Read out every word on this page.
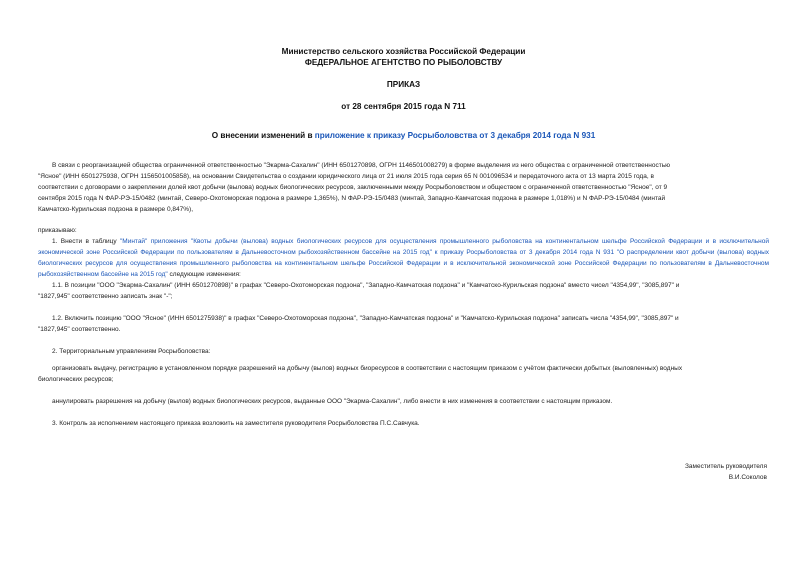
Министерство сельского хозяйства Российской Федерации
ФЕДЕРАЛЬНОЕ АГЕНТСТВО ПО РЫБОЛОВСТВУ
ПРИКАЗ
от 28 сентября 2015 года N 711
О внесении изменений в приложение к приказу Росрыболовства от 3 декабря 2014 года N 931
В связи с реорганизацией общества ограниченной ответственностью "Экарма-Сахалин" (ИНН 6501270898, ОГРН 1146501008279) в форме выделения из него общества с ограниченной ответственностью
"Ясное" (ИНН 6501275938, ОГРН 1156501005858), на основании Свидетельства о создании юридического лица от 21 июля 2015 года серия 65 N 001096534 и передаточного акта от 13 марта 2015 года, в
соответствии с договорами о закреплении долей квот добычи (вылова) водных биологических ресурсов, заключенными между Росрыболовством и обществом с ограниченной ответственностью "Ясное", от 9
сентября 2015 года N ФАР-РЭ-15/0482 (минтай, Северо-Охотоморская подзона в размере 1,365%), N ФАР-РЭ-15/0483 (минтай, Западно-Камчатская подзона в размере 1,018%) и N ФАР-РЭ-15/0484 (минтай
Камчатско-Курильская подзона в размере 0,847%),
приказываю:
1. Внести в таблицу "Минтай" приложения "Квоты добычи (вылова) водных биологических ресурсов для осуществления промышленного рыболовства на континентальном шельфе Российской Федерации и в исключительной экономической зоне Российской Федерации по пользователям в Дальневосточном рыбохозяйственном бассейне на 2015 год" к приказу Росрыболовства от 3 декабря 2014 года N 931 "О распределении квот добычи (вылова) водных биологических ресурсов для осуществления промышленного рыболовства на континентальном шельфе Российской Федерации и в исключительной экономической зоне Российской Федерации по пользователям в Дальневосточном рыбохозяйственном бассейне на 2015 год" следующие изменения:
1.1. В позиции "ООО "Экарма-Сахалин" (ИНН 6501270898)" в графах "Северо-Охотоморская подзона", "Западно-Камчатская подзона" и "Камчатско-Курильская подзона" вместо чисел "4354,99", "3085,897" и
"1827,945" соответственно записать знак "-";
1.2. Включить позицию "ООО "Ясное" (ИНН 6501275938)" в графах "Северо-Охотоморская подзона", "Западно-Камчатская подзона" и "Камчатско-Курильская подзона" записать числа "4354,99", "3085,897" и
"1827,945" соответственно.
2. Территориальным управлениям Росрыболовства:
организовать выдачу, регистрацию в установленном порядке разрешений на добычу (вылов) водных биоресурсов в соответствии с настоящим приказом с учётом фактически добытых (выловленных) водных
биологических ресурсов;
аннулировать разрешения на добычу (вылов) водных биологических ресурсов, выданные ООО "Экарма-Сахалин", либо внести в них изменения в соответствии с настоящим приказом.
3. Контроль за исполнением настоящего приказа возложить на заместителя руководителя Росрыболовства П.С.Савчука.
Заместитель руководителя
В.И.Соколов
